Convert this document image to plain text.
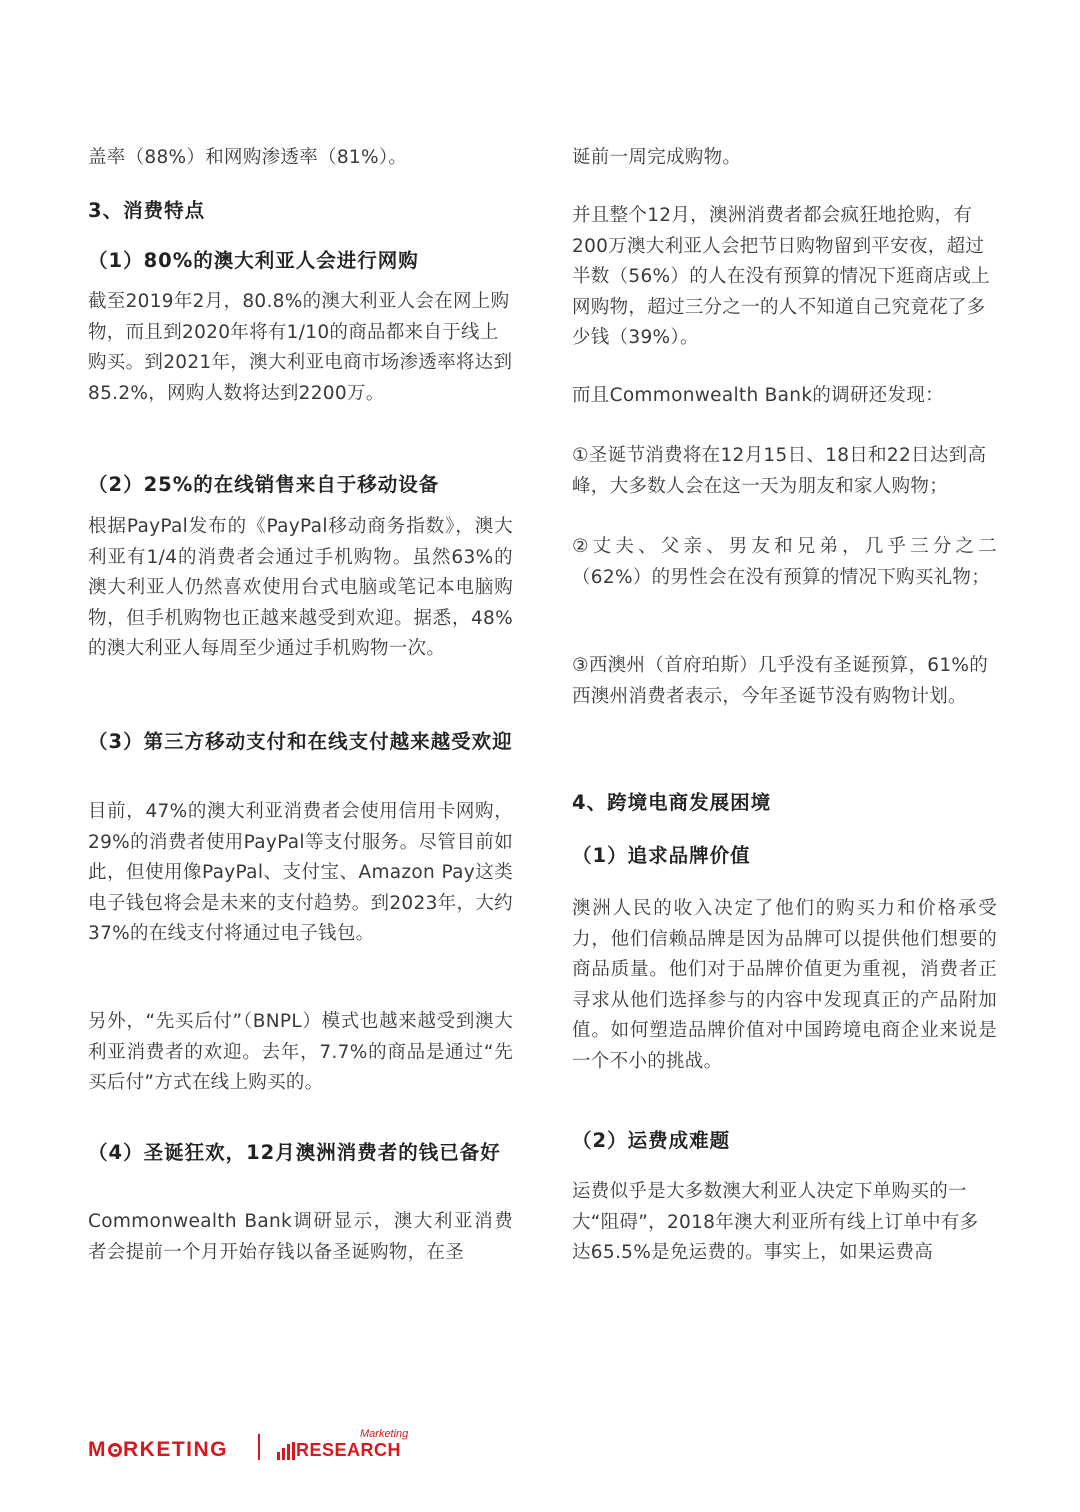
盖率（88%）和网购渗透率（81%）。

3、消费特点
（1）80%的澳大利亚人会进行网购

截至2019年2月，80.8%的澳大利亚人会在网上购物，而且到2020年将有1/10的商品都来自于线上购买。到2021年，澳大利亚电商市场渗透率将达到85.2%，网购人数将达到2200万。

（2）25%的在线销售来自于移动设备

根据PayPal发布的《PayPal移动商务指数》，澳大利亚有1/4的消费者会通过手机购物。虽然63%的澳大利亚人仍然喜欢使用台式电脑或笔记本电脑购物，但手机购物也正越来越受到欢迎。据悉，48%的澳大利亚人每周至少通过手机购物一次。

（3）第三方移动支付和在线支付越来越受欢迎

目前，47%的澳大利亚消费者会使用信用卡网购，29%的消费者使用PayPal等支付服务。尽管目前如此，但使用像PayPal、支付宝、Amazon Pay这类电子钱包将会是未来的支付趋势。到2023年，大约37%的在线支付将通过电子钱包。

另外，“先买后付”（BNPL）模式也越来越受到澳大利亚消费者的欢迎。去年，7.7%的商品是通过“先买后付”方式在线上购买的。

（4）圣诞狂欢，12月澳洲消费者的钱已备好

Commonwealth Bank调研显示，澳大利亚消费者会提前一个月开始存钱以备圣诞购物，在圣

诞前一周完成购物。

并且整个12月，澳洲消费者都会疯狂地抢购，有200万澳大利亚人会把节日购物留到平安夜，超过半数（56%）的人在没有预算的情况下逛商店或上网购物，超过三分之一的人不知道自己究竟花了多少钱（39%）。

而且Commonwealth Bank的调研还发现：

①圣诞节消费将在12月15日、18日和22日达到高峰，大多数人会在这一天为朋友和家人购物；

②丈夫、父亲、男友和兄弟，几乎三分之二（62%）的男性会在没有预算的情况下购买礼物；

③西澳州（首府珀斯）几乎没有圣诞预算，61%的西澳州消费者表示，今年圣诞节没有购物计划。

4、跨境电商发展困境
（1）追求品牌价值

澳洲人民的收入决定了他们的购买力和价格承受力，他们信赖品牌是因为品牌可以提供他们想要的商品质量。他们对于品牌价值更为重视，消费者正寻求从他们选择参与的内容中发现真正的产品附加值。如何塑造品牌价值对中国跨境电商企业来说是一个不小的挑战。

（2）运费成难题

运费似乎是大多数澳大利亚人决定下单购买的一大“阻碍”，2018年澳大利亚所有线上订单中有多达65.5%是免运费的。事实上，如果运费高

M RKETING	RESEARCH
Marketing
